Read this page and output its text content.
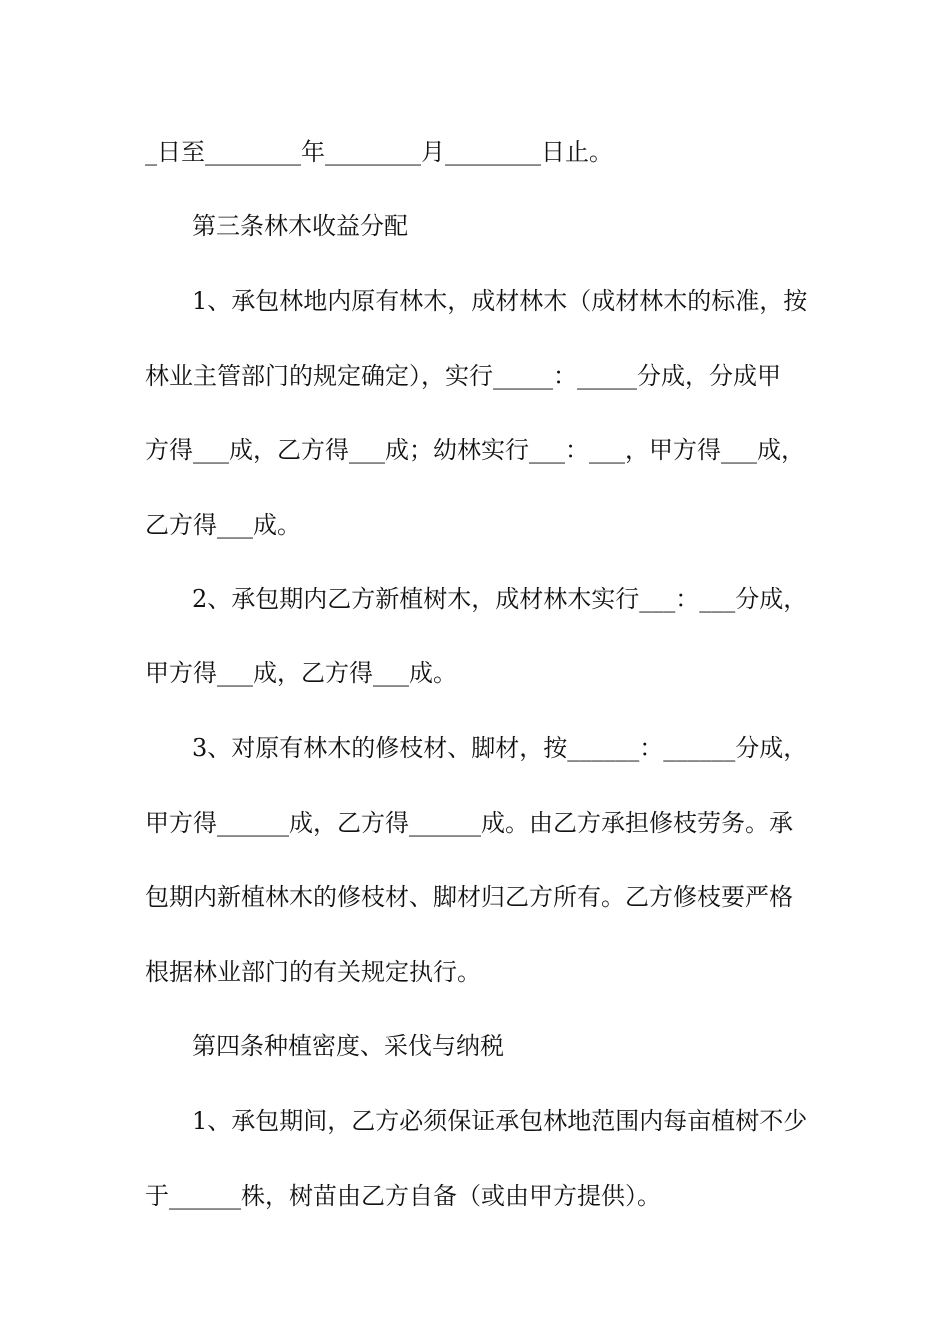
_日至________年________月________日止。
第三条林木收益分配
1、承包林地内原有林木，成材林木（成材林木的标准，按
林业主管部门的规定确定），实行_____：_____分成，分成甲
方得___成，乙方得___成；幼林实行___：___，甲方得___成，
乙方得___成。
2、承包期内乙方新植树木，成材林木实行___：___分成，
甲方得___成，乙方得___成。
3、对原有林木的修枝材、脚材，按______：______分成，
甲方得______成，乙方得______成。由乙方承担修枝劳务。承
包期内新植林木的修枝材、脚材归乙方所有。乙方修枝要严格
根据林业部门的有关规定执行。
第四条种植密度、采伐与纳税
1、承包期间，乙方必须保证承包林地范围内每亩植树不少
于______株，树苗由乙方自备（或由甲方提供）。
